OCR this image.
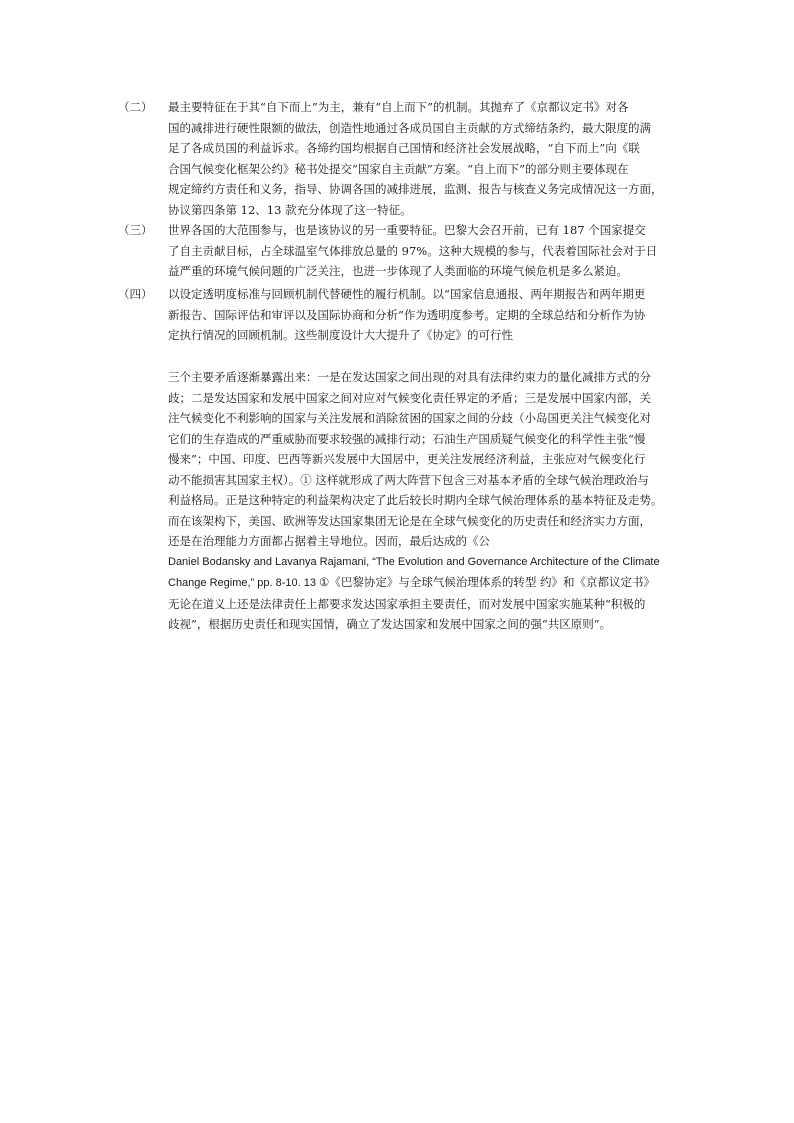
（二）	最主要特征在于其“自下而上”为主，兼有“自上而下”的机制。其抛弃了《京都议定书》对各
国的减排进行硬性限额的做法，创造性地通过各成员国自主贡献的方式缔结条约，最大限度的满
足了各成员国的利益诉求。各缔约国均根据自己国情和经济社会发展战略，“自下而上”向《联
合国气候变化框架公约》秘书处提交“国家自主贡献”方案。“自上而下”的部分则主要体现在
规定缔约方责任和义务，指导、协调各国的减排进展，监测、报告与核查义务完成情况这一方面，
协议第四条第 12、13 款充分体现了这一特征。
（三）	世界各国的大范围参与，也是该协议的另一重要特征。巴黎大会召开前，已有 187 个国家提交
了自主贡献目标，占全球温室气体排放总量的 97%。这种大规模的参与，代表着国际社会对于日
益严重的环境气候问题的广泛关注，也进一步体现了人类面临的环境气候危机是多么紧迫。
（四）	以设定透明度标准与回顾机制代替硬性的履行机制。以“国家信息通报、两年期报告和两年期更
新报告、国际评估和审评以及国际协商和分析”作为透明度参考。定期的全球总结和分析作为协
定执行情况的回顾机制。这些制度设计大大提升了《协定》的可行性
三个主要矛盾逐渐暴露出来：一是在发达国家之间出现的对具有法律约束力的量化减排方式的分
歧；二是发达国家和发展中国家之间对应对气候变化责任界定的矛盾；三是发展中国家内部，关
注气候变化不利影响的国家与关注发展和消除贫困的国家之间的分歧（小岛国更关注气候变化对
它们的生存造成的严重威胁而要求较强的减排行动；石油生产国质疑气候变化的科学性主张“慢
慢来”；中国、印度、巴西等新兴发展中大国居中，更关注发展经济利益，主张应对气候变化行
动不能损害其国家主权）。① 这样就形成了两大阵营下包含三对基本矛盾的全球气候治理政治与
利益格局。正是这种特定的利益架构决定了此后较长时期内全球气候治理体系的基本特征及走势。
而在该架构下，美国、欧洲等发达国家集团无论是在全球气候变化的历史责任和经济实力方面，
还是在治理能力方面都占据着主导地位。因而，最后达成的《公
Daniel Bodansky and Lavanya Rajamani, “The Evolution and Governance Architecture of the Climate
Change Regime,” pp. 8-10. 13 ①《巴黎协定》与全球气候治理体系的转型 约》和《京都议定书》
无论在道义上还是法律责任上都要求发达国家承担主要责任，而对发展中国家实施某种“积极的
歧视”，根据历史责任和现实国情，确立了发达国家和发展中国家之间的强“共区原则”。
